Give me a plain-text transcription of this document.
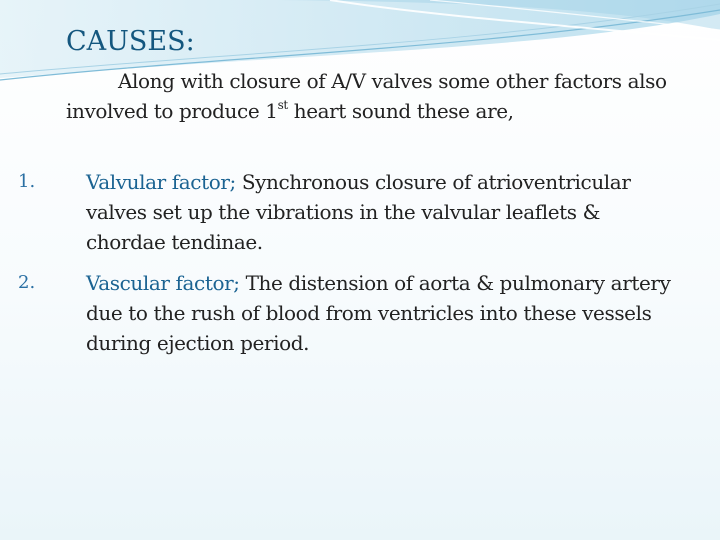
CAUSES:

Along with closure of A/V valves some other factors also involved to produce 1st heart sound these are,

1.	Valvular factor; Synchronous closure of atrioventricular valves set up the vibrations in the valvular leaflets & chordae tendinae.

2.	Vascular factor; The distension of aorta & pulmonary artery due to the rush of blood from ventricles into these vessels during ejection period.
